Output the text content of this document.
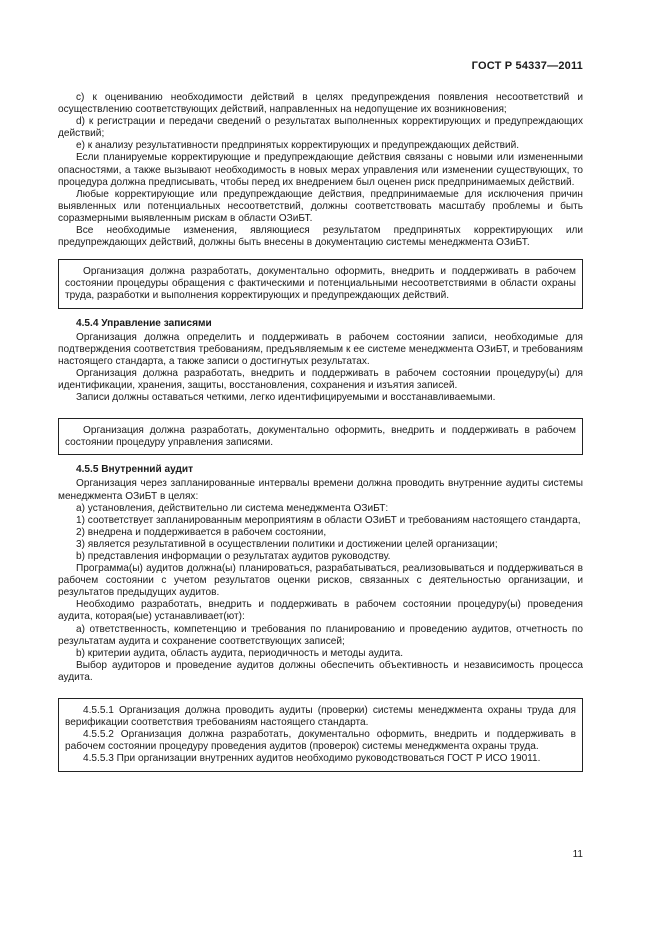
ГОСТ Р 54337—2011

c) к оцениванию необходимости действий в целях предупреждения появления несоответствий и осуществлению соответствующих действий, направленных на недопущение их возникновения;

d) к регистрации и передачи сведений о результатах выполненных корректирующих и предупреждающих действий;

e) к анализу результативности предпринятых корректирующих и предупреждающих действий.

Если планируемые корректирующие и предупреждающие действия связаны с новыми или измененными опасностями, а также вызывают необходимость в новых мерах управления или изменении существующих, то процедура должна предписывать, чтобы перед их внедрением был оценен риск предпринимаемых действий.

Любые корректирующие или предупреждающие действия, предпринимаемые для исключения причин выявленных или потенциальных несоответствий, должны соответствовать масштабу проблемы и быть соразмерными выявленным рискам в области ОЗиБТ.

Все необходимые изменения, являющиеся результатом предпринятых корректирующих или предупреждающих действий, должны быть внесены в документацию системы менеджмента ОЗиБТ.

Организация должна разработать, документально оформить, внедрить и поддерживать в рабочем состоянии процедуры обращения с фактическими и потенциальными несоответствиями в области охраны труда, разработки и выполнения корректирующих и предупреждающих действий.

4.5.4 Управление записями

Организация должна определить и поддерживать в рабочем состоянии записи, необходимые для подтверждения соответствия требованиям, предъявляемым к ее системе менеджмента ОЗиБТ, и требованиям настоящего стандарта, а также записи о достигнутых результатах.

Организация должна разработать, внедрить и поддерживать в рабочем состоянии процедуру(ы) для идентификации, хранения, защиты, восстановления, сохранения и изъятия записей.

Записи должны оставаться четкими, легко идентифицируемыми и восстанавливаемыми.

Организация должна разработать, документально оформить, внедрить и поддерживать в рабочем состоянии процедуру управления записями.

4.5.5 Внутренний аудит

Организация через запланированные интервалы времени должна проводить внутренние аудиты системы менеджмента ОЗиБТ в целях:

a) установления, действительно ли система менеджмента ОЗиБТ:

1) соответствует запланированным мероприятиям в области ОЗиБТ и требованиям настоящего стандарта,

2) внедрена и поддерживается в рабочем состоянии,

3) является результативной в осуществлении политики и достижении целей организации;

b) представления информации о результатах аудитов руководству.

Программа(ы) аудитов должна(ы) планироваться, разрабатываться, реализовываться и поддерживаться в рабочем состоянии с учетом результатов оценки рисков, связанных с деятельностью организации, и результатов предыдущих аудитов.

Необходимо разработать, внедрить и поддерживать в рабочем состоянии процедуру(ы) проведения аудита, которая(ые) устанавливает(ют):

a) ответственность, компетенцию и требования по планированию и проведению аудитов, отчетность по результатам аудита и сохранение соответствующих записей;

b) критерии аудита, область аудита, периодичность и методы аудита.

Выбор аудиторов и проведение аудитов должны обеспечить объективность и независимость процесса аудита.

4.5.5.1 Организация должна проводить аудиты (проверки) системы менеджмента охраны труда для верификации соответствия требованиям настоящего стандарта.

4.5.5.2 Организация должна разработать, документально оформить, внедрить и поддерживать в рабочем состоянии процедуру проведения аудитов (проверок) системы менеджмента охраны труда.

4.5.5.3 При организации внутренних аудитов необходимо руководствоваться ГОСТ Р ИСО 19011.

11
